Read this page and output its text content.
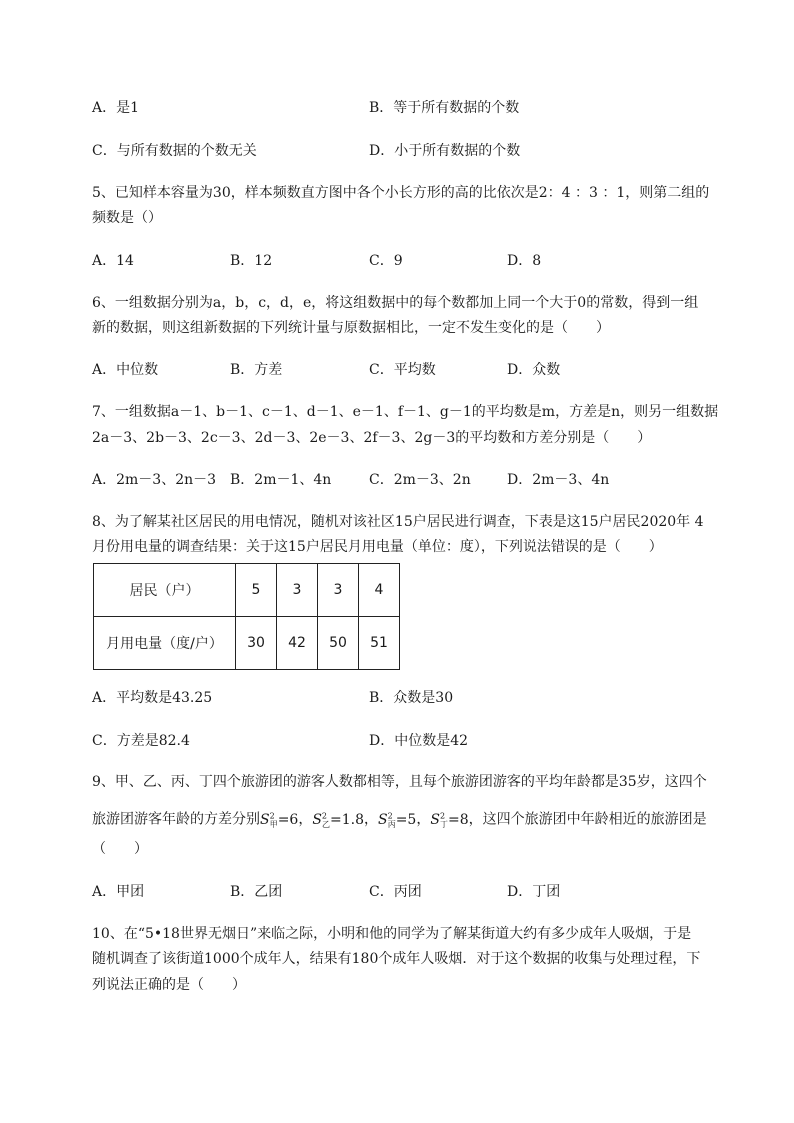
A．是1	B．等于所有数据的个数
C．与所有数据的个数无关	D．小于所有数据的个数
5、已知样本容量为30，样本频数直方图中各个小长方形的高的比依次是2：4 ：3 ：1，则第二组的
频数是（）
A．14	B．12	C．9	D．8
6、一组数据分别为a，b，c，d，e，将这组数据中的每个数都加上同一个大于0的常数，得到一组
新的数据，则这组新数据的下列统计量与原数据相比，一定不发生变化的是（　　）
A．中位数	B．方差	C．平均数	D．众数
7、一组数据a－1、b－1、c－1、d－1、e－1、f－1、g－1的平均数是m，方差是n，则另一组数据
2a－3、2b－3、2c－3、2d－3、2e－3、2f－3、2g－3的平均数和方差分别是（　　）
A．2m－3、2n－3 B．2m－1、4n	C．2m－3、2n	D．2m－3、4n
8、为了解某社区居民的用电情况，随机对该社区15户居民进行调查，下表是这15户居民2020年 4
月份用电量的调查结果：关于这15户居民月用电量（单位：度），下列说法错误的是（　　）
居民（户）	5	3	3	4
月用电量（度/户）	30	42	50	51
A．平均数是43.25	B．众数是30
C．方差是82.4	D．中位数是42
9、甲、乙、丙、丁四个旅游团的游客人数都相等，且每个旅游团游客的平均年龄都是35岁，这四个
旅游团游客年龄的方差分别$S^2_甲=6$，$S^2_乙=1.8$，$S^2_丙=5$，$S^2_丁=8$，这四个旅游团中年龄相近的旅游团是
（　　）
A．甲团	B．乙团	C．丙团	D．丁团
10、在“5•18世界无烟日”来临之际，小明和他的同学为了解某街道大约有多少成年人吸烟，于是
随机调查了该街道1000个成年人，结果有180个成年人吸烟．对于这个数据的收集与处理过程，下
列说法正确的是（　　）
